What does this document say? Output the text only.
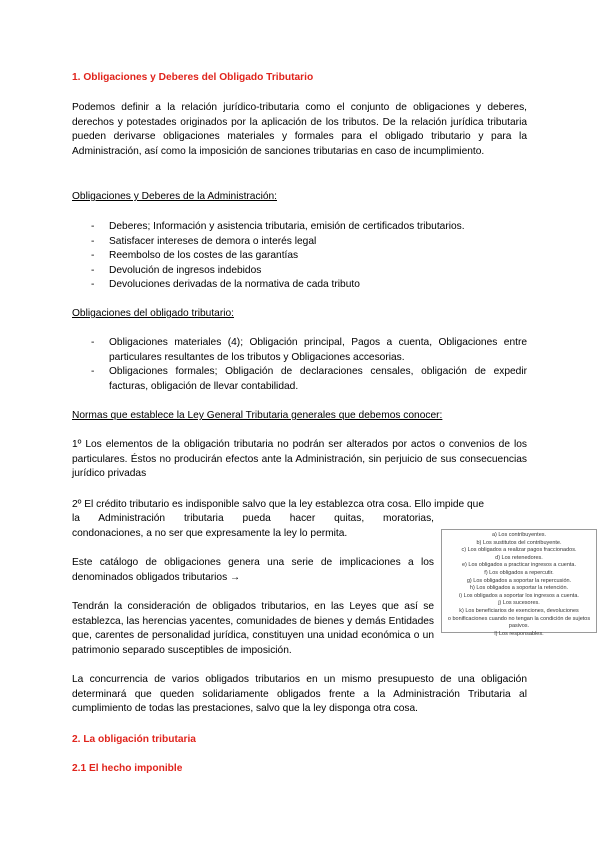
1. Obligaciones y Deberes del Obligado Tributario
Podemos definir a la relación jurídico-tributaria como el conjunto de obligaciones y deberes, derechos y potestades originados por la aplicación de los tributos. De la relación jurídica tributaria pueden derivarse obligaciones materiales y formales para el obligado tributario y para la Administración, así como la imposición de sanciones tributarias en caso de incumplimiento.
Obligaciones y Deberes de la Administración:
- Deberes; Información y asistencia tributaria, emisión de certificados tributarios.
- Satisfacer intereses de demora o interés legal
- Reembolso de los costes de las garantías
- Devolución de ingresos indebidos
- Devoluciones derivadas de la normativa de cada tributo
Obligaciones del obligado tributario:
- Obligaciones materiales (4); Obligación principal, Pagos a cuenta, Obligaciones entre particulares resultantes de los tributos y Obligaciones accesorias.
- Obligaciones formales; Obligación de declaraciones censales, obligación de expedir facturas, obligación de llevar contabilidad.
Normas que establece la Ley General Tributaria generales que debemos conocer:
1º Los elementos de la obligación tributaria no podrán ser alterados por actos o convenios de los particulares. Éstos no producirán efectos ante la Administración, sin perjuicio de sus consecuencias jurídico privadas
2º El crédito tributario es indisponible salvo que la ley establezca otra cosa. Ello impide que
la Administración tributaria pueda hacer quitas, moratorias,
condonaciones, a no ser que expresamente la ley lo permita.
Este catálogo de obligaciones genera una serie de implicaciones a los denominados obligados tributarios →
Tendrán la consideración de obligados tributarios, en las Leyes que así se establezca, las herencias yacentes, comunidades de bienes y demás Entidades que, carentes de personalidad jurídica, constituyen una unidad económica o un patrimonio separado susceptibles de imposición.
a) Los contribuyentes.
b) Los sustitutos del contribuyente.
c) Los obligados a realizar pagos fraccionados.
d) Los retenedores.
e) Los obligados a practicar ingresos a cuenta.
f) Los obligados a repercutir.
g) Los obligados a soportar la repercusión.
h) Los obligados a soportar la retención.
i) Los obligados a soportar los ingresos a cuenta.
j) Los sucesores.
k) Los beneficiarios de exenciones, devoluciones
o bonificaciones cuando no tengan la condición de sujetos
pasivos.
l) Los responsables.
La concurrencia de varios obligados tributarios en un mismo presupuesto de una obligación determinará que queden solidariamente obligados frente a la Administración Tributaria al cumplimiento de todas las prestaciones, salvo que la ley disponga otra cosa.
2. La obligación tributaria
2.1 El hecho imponible
